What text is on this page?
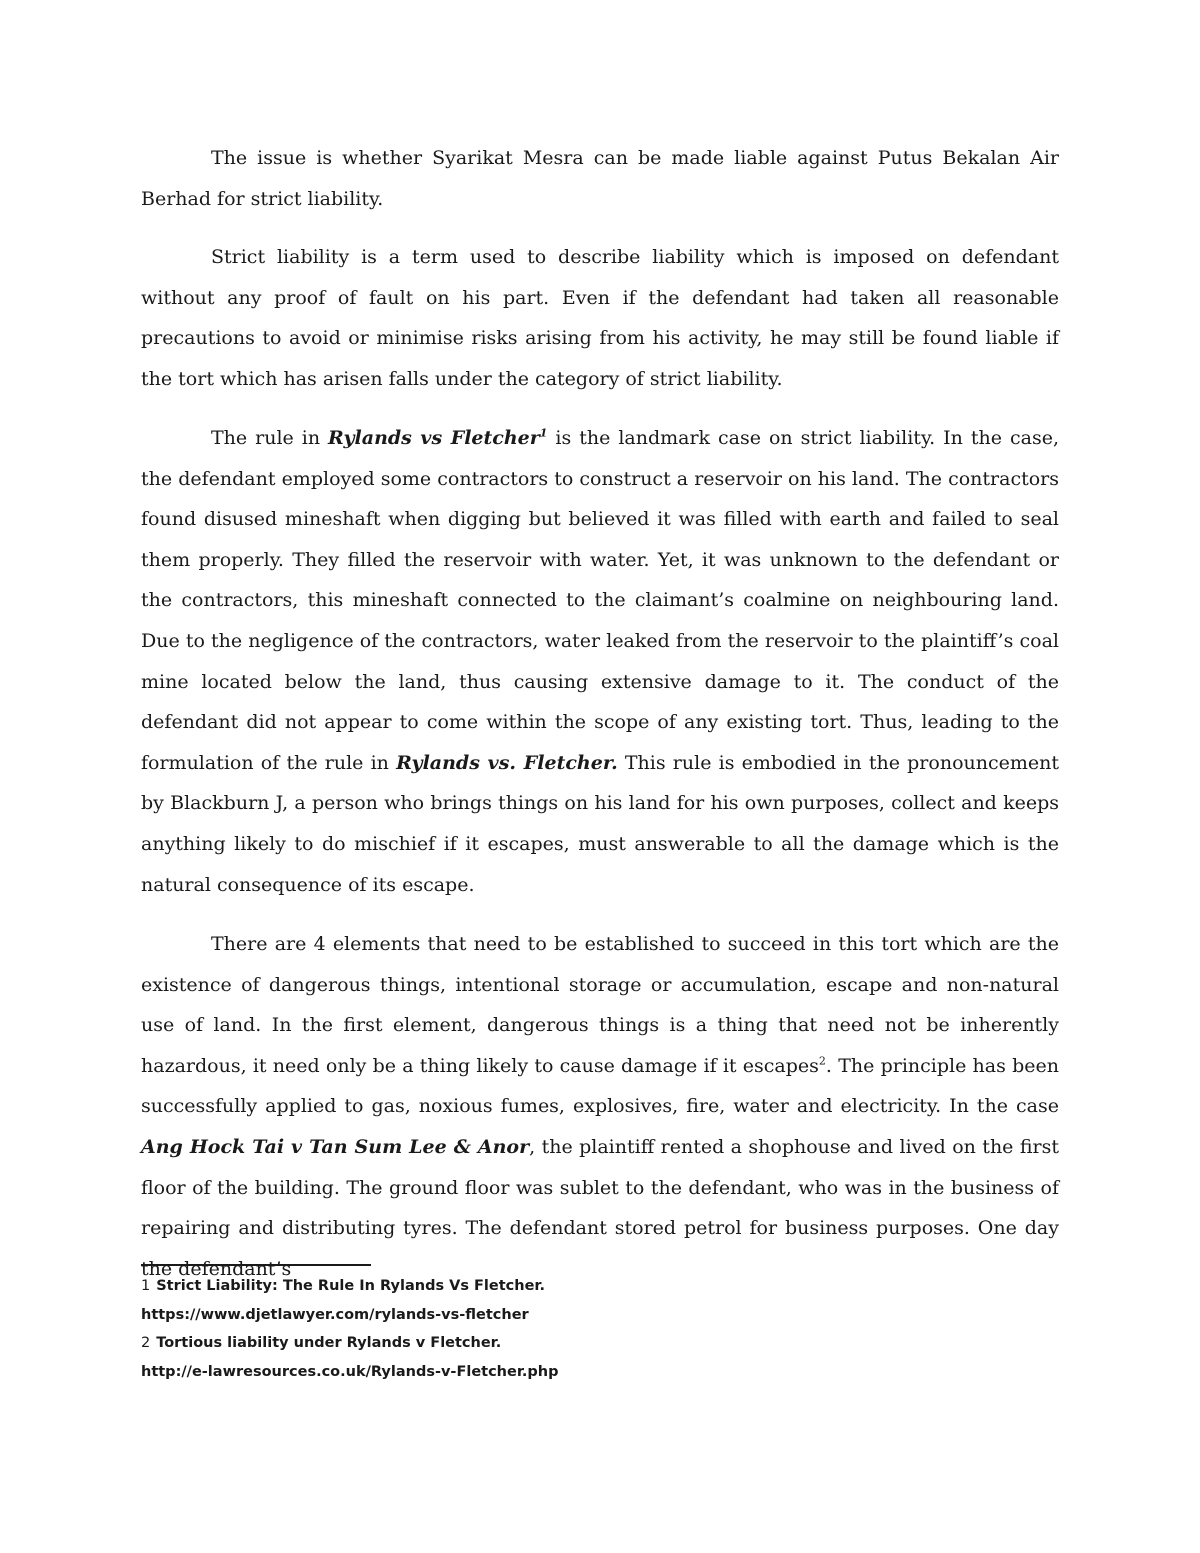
The issue is whether Syarikat Mesra can be made liable against Putus Bekalan Air Berhad for strict liability.

Strict liability is a term used to describe liability which is imposed on defendant without any proof of fault on his part. Even if the defendant had taken all reasonable precautions to avoid or minimise risks arising from his activity, he may still be found liable if the tort which has arisen falls under the category of strict liability.

The rule in Rylands vs Fletcher$^1$ is the landmark case on strict liability. In the case, the defendant employed some contractors to construct a reservoir on his land. The contractors found disused mineshaft when digging but believed it was filled with earth and failed to seal them properly. They filled the reservoir with water. Yet, it was unknown to the defendant or the contractors, this mineshaft connected to the claimant’s coalmine on neighbouring land. Due to the negligence of the contractors, water leaked from the reservoir to the plaintiff’s coal mine located below the land, thus causing extensive damage to it. The conduct of the defendant did not appear to come within the scope of any existing tort. Thus, leading to the formulation of the rule in Rylands vs. Fletcher. This rule is embodied in the pronouncement by Blackburn J, a person who brings things on his land for his own purposes, collect and keeps anything likely to do mischief if it escapes, must answerable to all the damage which is the natural consequence of its escape.

There are 4 elements that need to be established to succeed in this tort which are the existence of dangerous things, intentional storage or accumulation, escape and non-natural use of land. In the first element, dangerous things is a thing that need not be inherently hazardous, it need only be a thing likely to cause damage if it escapes$^2$. The principle has been successfully applied to gas, noxious fumes, explosives, fire, water and electricity. In the case Ang Hock Tai v Tan Sum Lee & Anor, the plaintiff rented a shophouse and lived on the first floor of the building. The ground floor was sublet to the defendant, who was in the business of repairing and distributing tyres. The defendant stored petrol for business purposes. One day the defendant’s

1 Strict Liability: The Rule In Rylands Vs Fletcher.
https://www.djetlawyer.com/rylands-vs-fletcher
2 Tortious liability under Rylands v Fletcher.
http://e-lawresources.co.uk/Rylands-v-Fletcher.php
